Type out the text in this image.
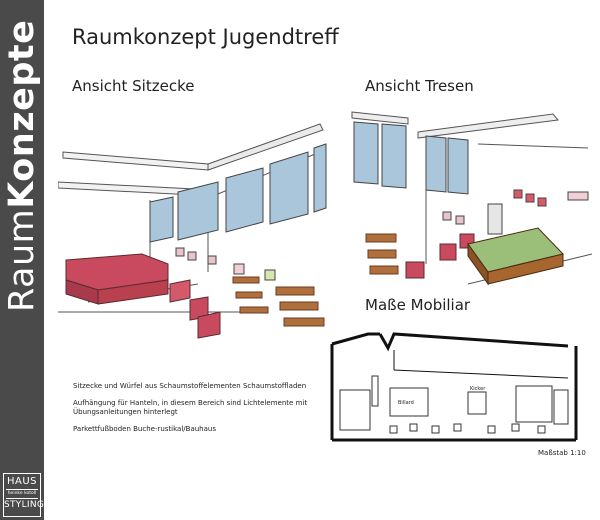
RaumKonzepte
HAUS
heinke kotoll
STYLING
Raumkonzept Jugendtreff
Ansicht Sitzecke	Ansicht Tresen
Maße Mobiliar
Billard
Kicker

Sitzecke und Würfel aus Schaumstoffelementen Schaumstoffladen

Aufhängung für Hanteln, in diesem Bereich sind Lichtelemente mit Übungsanleitungen hinterlegt

Parkettfußboden Buche-rustikal/Bauhaus

Maßstab 1:10
